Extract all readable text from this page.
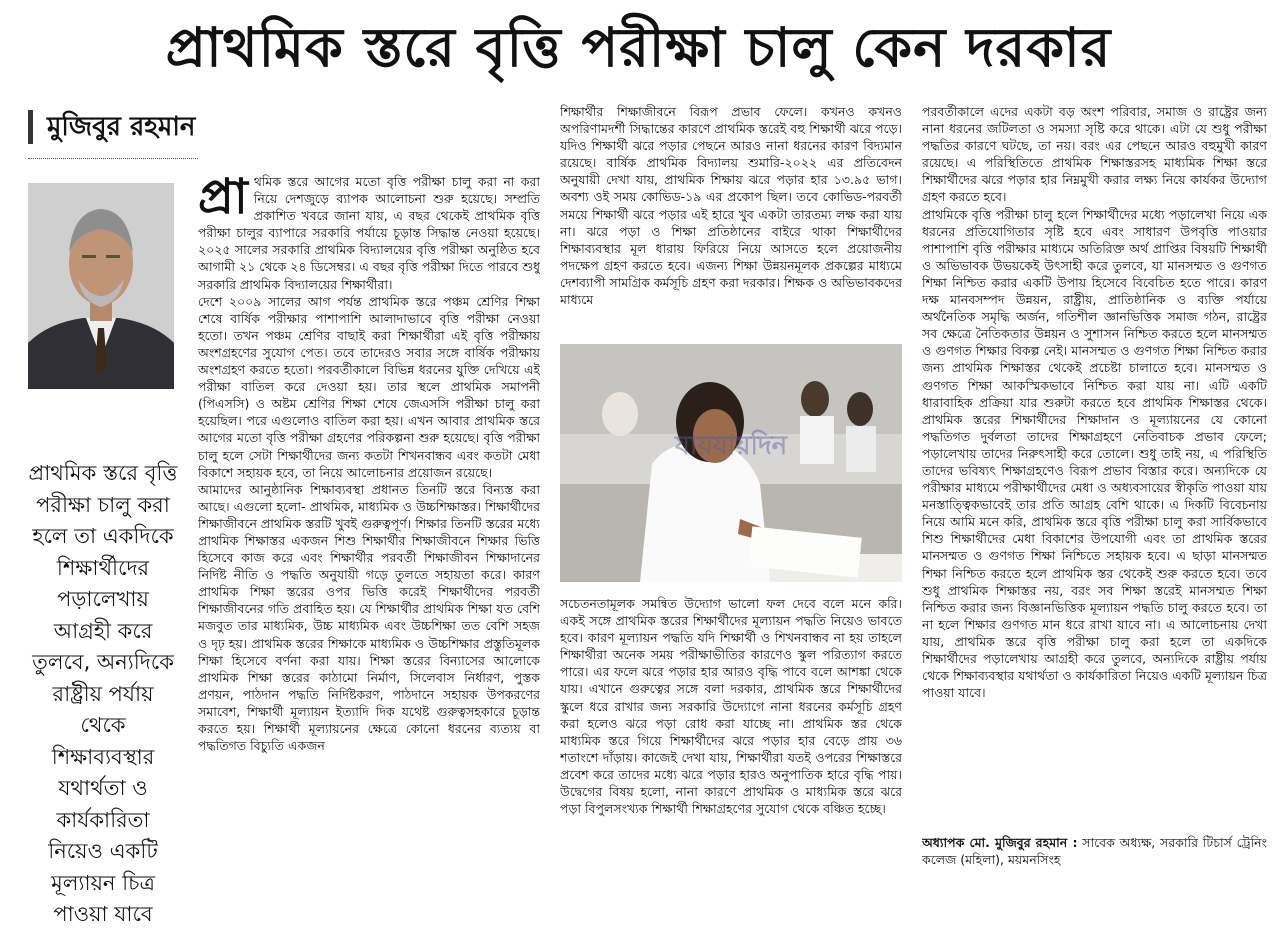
প্রাথমিক স্তরে বৃত্তি পরীক্ষা চালু কেন দরকার
মুজিবুর রহমান
প্রাথমিক স্তরে বৃত্তি পরীক্ষা চালু করা হলে তা একদিকে শিক্ষার্থীদের পড়ালেখায় আগ্রহী করে তুলবে, অন্যদিকে রাষ্ট্রীয় পর্যায় থেকে শিক্ষাব্যবস্থার যথার্থতা ও কার্যকারিতা নিয়েও একটি মূল্যায়ন চিত্র পাওয়া যাবে

প্রা থমিক স্তরে আগের মতো বৃত্তি পরীক্ষা চালু করা না করা নিয়ে দেশজুড়ে ব্যাপক আলোচনা শুরু হয়েছে। সম্প্রতি প্রকাশিত খবরে জানা যায়, এ বছর থেকেই প্রাথমিক বৃত্তি পরীক্ষা চালুর ব্যাপারে সরকারি পর্যায়ে চূড়ান্ত সিদ্ধান্ত নেওয়া হয়েছে। ২০২৫ সালের সরকারি প্রাথমিক বিদ্যালয়ের বৃত্তি পরীক্ষা অনুষ্ঠিত হবে আগামী ২১ থেকে ২৪ ডিসেম্বর। এ বছর বৃত্তি পরীক্ষা দিতে পারবে শুধু সরকারি প্রাথমিক বিদ্যালয়ের শিক্ষার্থীরা।

দেশে ২০০৯ সালের আগ পর্যন্ত প্রাথমিক স্তরে পঞ্চম শ্রেণির শিক্ষা শেষে বার্ষিক পরীক্ষার পাশাপাশি আলাদাভাবে বৃত্তি পরীক্ষা নেওয়া হতো। তখন পঞ্চম শ্রেণির বাছাই করা শিক্ষার্থীরা এই বৃত্তি পরীক্ষায় অংশগ্রহণের সুযোগ পেত। তবে তাদেরও সবার সঙ্গে বার্ষিক পরীক্ষায় অংশগ্রহণ করতে হতো। পরবর্তীকালে বিভিন্ন ধরনের যুক্তি দেখিয়ে এই পরীক্ষা বাতিল করে দেওয়া হয়। তার স্থলে প্রাথমিক সমাপনী (পিএসসি) ও অষ্টম শ্রেণির শিক্ষা শেষে জেএসসি পরীক্ষা চালু করা হয়েছিল। পরে এগুলোও বাতিল করা হয়। এখন আবার প্রাথমিক স্তরে আগের মতো বৃত্তি পরীক্ষা গ্রহণের পরিকল্পনা শুরু হয়েছে। বৃত্তি পরীক্ষা চালু হলে সেটা শিক্ষার্থীদের জন্য কতটা শিখনবান্ধব এবং কতটা মেধা বিকাশে সহায়ক হবে, তা নিয়ে আলোচনার প্রয়োজন রয়েছে।

আমাদের আনুষ্ঠানিক শিক্ষাব্যবস্থা প্রধানত তিনটি স্তরে বিন্যস্ত করা আছে। এগুলো হলো- প্রাথমিক, মাধ্যমিক ও উচ্চশিক্ষাস্তর। শিক্ষার্থীদের শিক্ষাজীবনে প্রাথমিক স্তরটি খুবই গুরুত্বপূর্ণ। শিক্ষার তিনটি স্তরের মধ্যে প্রাথমিক শিক্ষাস্তর একজন শিশু শিক্ষার্থীর শিক্ষাজীবনে শিক্ষার ভিত্তি হিসেবে কাজ করে এবং শিক্ষার্থীর পরবর্তী শিক্ষাজীবন শিক্ষাদানের নির্দিষ্ট নীতি ও পদ্ধতি অনুযায়ী গড়ে তুলতে সহায়তা করে। কারণ প্রাথমিক শিক্ষা স্তরের ওপর ভিত্তি করেই শিক্ষার্থীদের পরবর্তী শিক্ষাজীবনের গতি প্রবাহিত হয়। যে শিক্ষার্থীর প্রাথমিক শিক্ষা যত বেশি মজবুত তার মাধ্যমিক, উচ্চ মাধ্যমিক এবং উচ্চশিক্ষা তত বেশি সহজ ও দৃঢ় হয়। প্রাথমিক স্তরের শিক্ষাকে মাধ্যমিক ও উচ্চশিক্ষার প্রস্তুতিমূলক শিক্ষা হিসেবে বর্ণনা করা যায়। শিক্ষা স্তরের বিন্যাসের আলোকে প্রাথমিক শিক্ষা স্তরের কাঠামো নির্মাণ, সিলেবাস নির্ধারণ, পুস্তক প্রণয়ন, পাঠদান পদ্ধতি নির্দিষ্টকরণ, পাঠদানে সহায়ক উপকরণের সমাবেশ, শিক্ষার্থী মূল্যায়ন ইত্যাদি দিক যথেষ্ট গুরুত্বসহকারে চূড়ান্ত করতে হয়। শিক্ষার্থী মূল্যায়নের ক্ষেত্রে কোনো ধরনের ব্যত্যয় বা পদ্ধতিগত বিচ্যুতি একজন

শিক্ষার্থীর শিক্ষাজীবনে বিরূপ প্রভাব ফেলে। কখনও কখনও অপরিণামদর্শী সিদ্ধান্তের কারণে প্রাথমিক স্তরেই বহু শিক্ষার্থী ঝরে পড়ে। যদিও শিক্ষার্থী ঝরে পড়ার পেছনে আরও নানা ধরনের কারণ বিদ্যমান রয়েছে। বার্ষিক প্রাথমিক বিদ্যালয় শুমারি-২০২২ এর প্রতিবেদন অনুযায়ী দেখা যায়, প্রাথমিক শিক্ষায় ঝরে পড়ার হার ১৩.৯৫ ভাগ। অবশ্য ওই সময় কোভিড-১৯ এর প্রকোপ ছিল। তবে কোভিড-পরবর্তী সময়ে শিক্ষার্থী ঝরে পড়ার এই হারে খুব একটা তারতম্য লক্ষ করা যায় না। ঝরে পড়া ও শিক্ষা প্রতিষ্ঠানের বাইরে থাকা শিক্ষার্থীদের শিক্ষাব্যবস্থার মূল ধারায় ফিরিয়ে নিয়ে আসতে হলে প্রয়োজনীয় পদক্ষেপ গ্রহণ করতে হবে। এজন্য শিক্ষা উন্নয়নমূলক প্রকল্পের মাধ্যমে দেশব্যাপী সামগ্রিক কর্মসূচি গ্রহণ করা দরকার। শিক্ষক ও অভিভাবকদের মাধ্যমে

যায়যায়দিন

সচেতনতামূলক সমন্বিত উদ্যোগ ভালো ফল দেবে বলে মনে করি। একই সঙ্গে প্রাথমিক স্তরের শিক্ষার্থীদের মূল্যায়ন পদ্ধতি নিয়েও ভাবতে হবে। কারণ মূল্যায়ন পদ্ধতি যদি শিক্ষার্থী ও শিখনবান্ধব না হয় তাহলে শিক্ষার্থীরা অনেক সময় পরীক্ষাভীতির কারণেও স্কুল পরিত্যাগ করতে পারে। এর ফলে ঝরে পড়ার হার আরও বৃদ্ধি পাবে বলে আশঙ্কা থেকে যায়। এখানে গুরুত্বের সঙ্গে বলা দরকার, প্রাথমিক স্তরে শিক্ষার্থীদের স্কুলে ধরে রাখার জন্য সরকারি উদ্যোগে নানা ধরনের কর্মসূচি গ্রহণ করা হলেও ঝরে পড়া রোধ করা যাচ্ছে না। প্রাথমিক স্তর থেকে মাধ্যমিক স্তরে গিয়ে শিক্ষার্থীদের ঝরে পড়ার হার বেড়ে প্রায় ৩৬ শতাংশে দাঁড়ায়। কাজেই দেখা যায়, শিক্ষার্থীরা যতই ওপরের শিক্ষাস্তরে প্রবেশ করে তাদের মধ্যে ঝরে পড়ার হারও অনুপাতিক হারে বৃদ্ধি পায়। উদ্বেগের বিষয় হলো, নানা কারণে প্রাথমিক ও মাধ্যমিক স্তরে ঝরে পড়া বিপুলসংখ্যক শিক্ষার্থী শিক্ষাগ্রহণের সুযোগ থেকে বঞ্চিত হচ্ছে।

পরবর্তীকালে এদের একটা বড় অংশ পরিবার, সমাজ ও রাষ্ট্রের জন্য নানা ধরনের জটিলতা ও সমস্যা সৃষ্টি করে থাকে। এটা যে শুধু পরীক্ষা পদ্ধতির কারণে ঘটছে, তা নয়। বরং এর পেছনে আরও বহুমুখী কারণ রয়েছে। এ পরিস্থিতিতে প্রাথমিক শিক্ষাস্তরসহ মাধ্যমিক শিক্ষা স্তরে শিক্ষার্থীদের ঝরে পড়ার হার নিম্নমুখী করার লক্ষ্য নিয়ে কার্যকর উদ্যোগ গ্রহণ করতে হবে।

প্রাথমিকে বৃত্তি পরীক্ষা চালু হলে শিক্ষার্থীদের মধ্যে পড়ালেখা নিয়ে এক ধরনের প্রতিযোগিতার সৃষ্টি হবে এবং সাধারণ উপবৃত্তি পাওয়ার পাশাপাশি বৃত্তি পরীক্ষার মাধ্যমে অতিরিক্ত অর্থ প্রাপ্তির বিষয়টি শিক্ষার্থী ও অভিভাবক উভয়কেই উৎসাহী করে তুলবে, যা মানসম্মত ও গুণগত শিক্ষা নিশ্চিত করার একটি উপায় হিসেবে বিবেচিত হতে পারে। কারণ দক্ষ মানবসম্পদ উন্নয়ন, রাষ্ট্রীয়, প্রাতিষ্ঠানিক ও ব্যক্তি পর্যায়ে অর্থনৈতিক সমৃদ্ধি অর্জন, গতিশীল জ্ঞানভিত্তিক সমাজ গঠন, রাষ্ট্রের সব ক্ষেত্রে নৈতিকতার উন্নয়ন ও সুশাসন নিশ্চিত করতে হলে মানসম্মত ও গুণগত শিক্ষার বিকল্প নেই। মানসম্মত ও গুণগত শিক্ষা নিশ্চিত করার জন্য প্রাথমিক শিক্ষাস্তর থেকেই প্রচেষ্টা চালাতে হবে। মানসম্মত ও গুণগত শিক্ষা আকস্মিকভাবে নিশ্চিত করা যায় না। এটি একটি ধারাবাহিক প্রক্রিয়া যার শুরুটা করতে হবে প্রাথমিক শিক্ষাস্তর থেকে। প্রাথমিক স্তরের শিক্ষার্থীদের শিক্ষাদান ও মূল্যায়নের যে কোনো পদ্ধতিগত দুর্বলতা তাদের শিক্ষাগ্রহণে নেতিবাচক প্রভাব ফেলে; পড়ালেখায় তাদের নিরুৎসাহী করে তোলে। শুধু তাই নয়, এ পরিস্থিতি তাদের ভবিষ্যৎ শিক্ষাগ্রহণেও বিরূপ প্রভাব বিস্তার করে। অন্যদিকে যে পরীক্ষার মাধ্যমে পরীক্ষার্থীদের মেধা ও অধ্যবসায়ের স্বীকৃতি পাওয়া যায় মনস্তাত্ত্বিকভাবেই তার প্রতি আগ্রহ বেশি থাকে। এ দিকটি বিবেচনায় নিয়ে আমি মনে করি, প্রাথমিক স্তরে বৃত্তি পরীক্ষা চালু করা সার্বিকভাবে শিশু শিক্ষার্থীদের মেধা বিকাশের উপযোগী এবং তা প্রাথমিক স্তরের মানসম্মত ও গুণগত শিক্ষা নিশ্চিতে সহায়ক হবে। এ ছাড়া মানসম্মত শিক্ষা নিশ্চিত করতে হলে প্রাথমিক স্তর থেকেই শুরু করতে হবে। তবে শুধু প্রাথমিক শিক্ষাস্তর নয়, বরং সব শিক্ষা স্তরেই মানসম্মত শিক্ষা নিশ্চিত করার জন্য বিজ্ঞানভিত্তিক মূল্যায়ন পদ্ধতি চালু করতে হবে। তা না হলে শিক্ষার গুণগত মান ধরে রাখা যাবে না। এ আলোচনায় দেখা যায়, প্রাথমিক স্তরে বৃত্তি পরীক্ষা চালু করা হলে তা একদিকে শিক্ষার্থীদের পড়ালেখায় আগ্রহী করে তুলবে, অন্যদিকে রাষ্ট্রীয় পর্যায় থেকে শিক্ষাব্যবস্থার যথার্থতা ও কার্যকারিতা নিয়েও একটি মূল্যায়ন চিত্র পাওয়া যাবে।

অধ্যাপক মো. মুজিবুর রহমান : সাবেক অধ্যক্ষ, সরকারি টিচার্স ট্রেনিং কলেজ (মহিলা), ময়মনসিংহ
